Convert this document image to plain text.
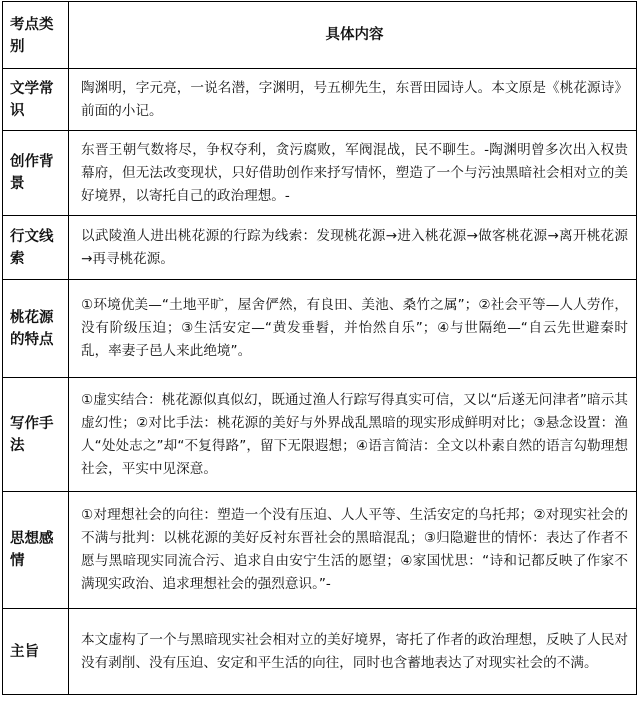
考点类别	具体内容
文学常识	陶渊明，字元亮，一说名潜，字渊明，号五柳先生，东晋田园诗人。本文原是《桃花源诗》前面的小记。
创作背景	东晋王朝气数将尽，争权夺利，贪污腐败，军阀混战，民不聊生。-陶渊明曾多次出入权贵幕府，但无法改变现状，只好借助创作来抒写情怀，塑造了一个与污浊黑暗社会相对立的美好境界，以寄托自己的政治理想。-
行文线索	以武陵渔人进出桃花源的行踪为线索：发现桃花源→进入桃花源→做客桃花源→离开桃花源→再寻桃花源。
桃花源的特点	①环境优美—“土地平旷，屋舍俨然，有良田、美池、桑竹之属”；②社会平等—人人劳作，没有阶级压迫；③生活安定—“黄发垂髫，并怡然自乐”；④与世隔绝—“自云先世避秦时乱，率妻子邑人来此绝境”。
写作手法	①虚实结合：桃花源似真似幻，既通过渔人行踪写得真实可信，又以“后遂无问津者”暗示其虚幻性；②对比手法：桃花源的美好与外界战乱黑暗的现实形成鲜明对比；③悬念设置：渔人“处处志之”却“不复得路”，留下无限遐想；④语言简洁：全文以朴素自然的语言勾勒理想社会，平实中见深意。
思想感情	①对理想社会的向往：塑造一个没有压迫、人人平等、生活安定的乌托邦；②对现实社会的不满与批判：以桃花源的美好反衬东晋社会的黑暗混乱；③归隐避世的情怀：表达了作者不愿与黑暗现实同流合污、追求自由安宁生活的愿望；④家国忧思：“诗和记都反映了作家不满现实政治、追求理想社会的强烈意识。”-
主旨	本文虚构了一个与黑暗现实社会相对立的美好境界，寄托了作者的政治理想，反映了人民对没有剥削、没有压迫、安定和平生活的向往，同时也含蓄地表达了对现实社会的不满。
